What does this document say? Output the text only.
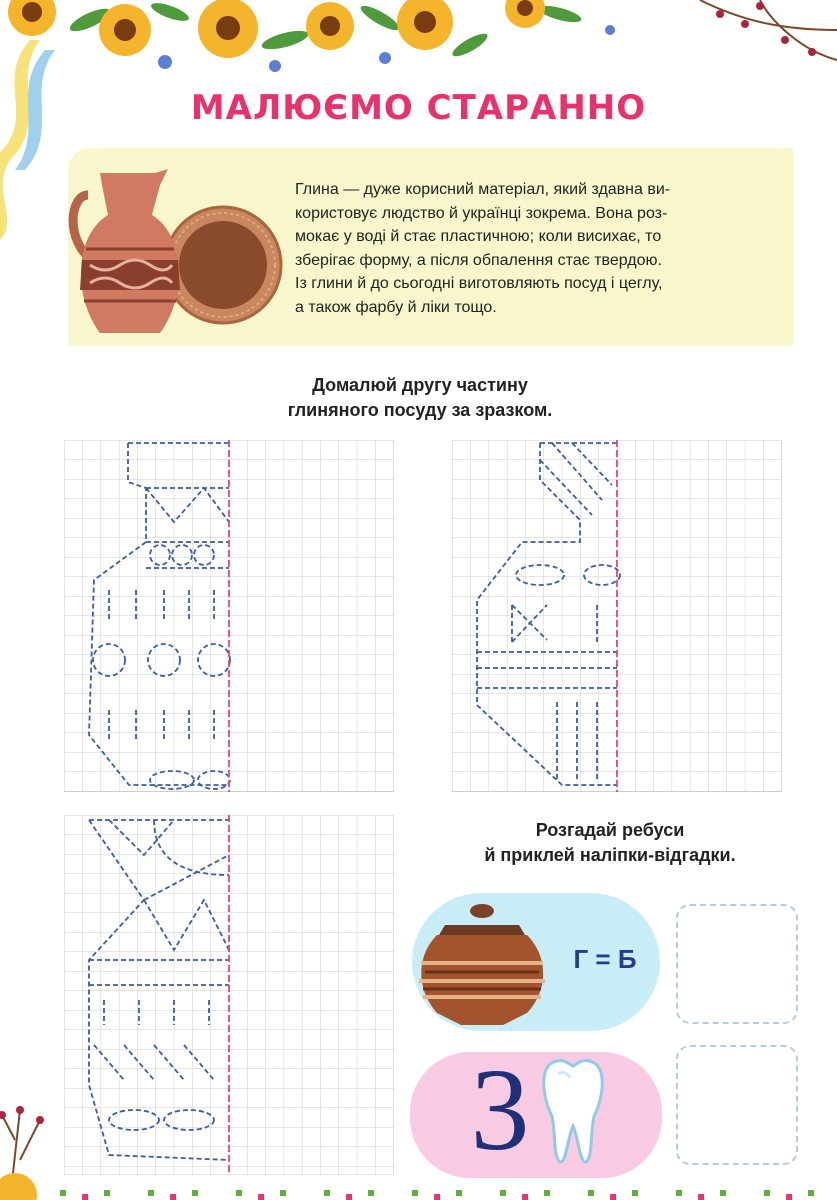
МАЛЮЄМО СТАРАННО
Глина — дуже корисний матеріал, який здавна ви-
користовує людство й українці зокрема. Вона роз-
мокає у воді й стає пластичною; коли висихає, то
зберігає форму, а після обпалення стає твердою.
Із глини й до сьогодні виготовляють посуд і цеглу,
а також фарбу й ліки тощо.
Домалюй другу частину
глиняного посуду за зразком.
Розгадай ребуси
й приклей наліпки-відгадки.
Г = Б
3
